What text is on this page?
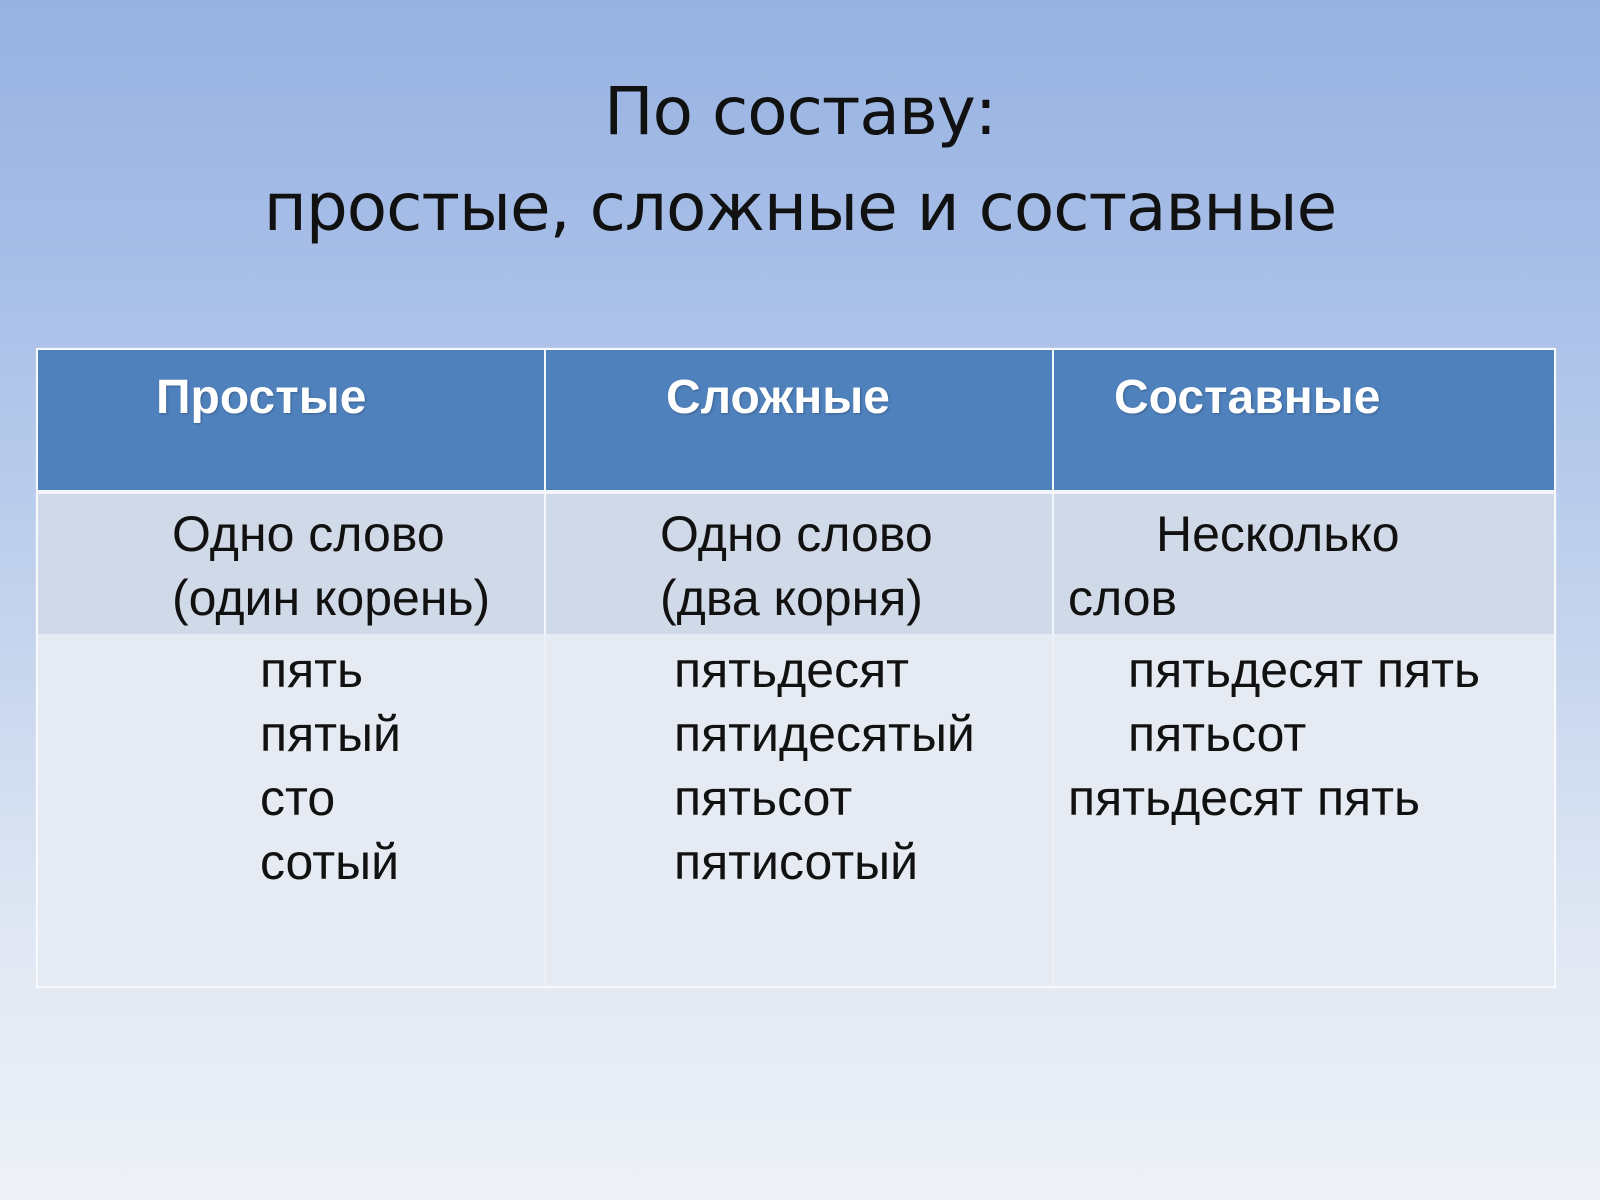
По составу:
простые, сложные и составные
Простые	Сложные	Составные
Одно слово
(один корень)
Одно слово
(два корня)
Несколько
слов
пять
пятый
сто
сотый
пятьдесят
пятидесятый
пятьсот
пятисотый
пятьдесят пять
пятьсот
пятьдесят пять
